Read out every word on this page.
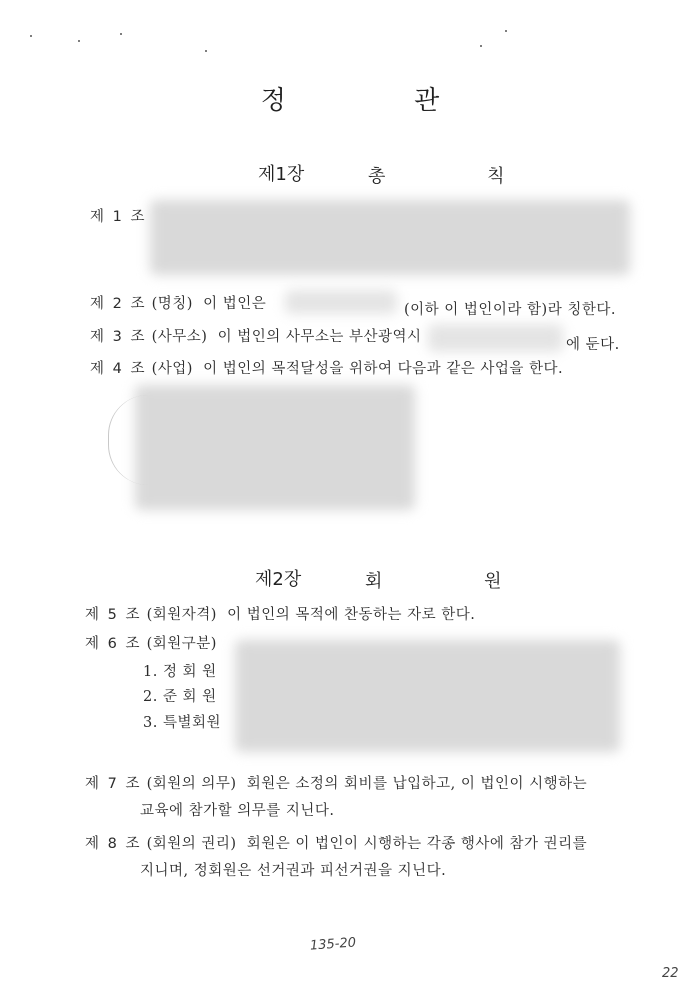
정 관
제1장	총 칙
제 1 조
제 2 조 (명칭) 이 법인은	(이하 이 법인이라 함)라 칭한다.
제 3 조 (사무소) 이 법인의 사무소는 부산광역시	에 둔다.
제 4 조 (사업) 이 법인의 목적달성을 위하여 다음과 같은 사업을 한다.
제2장	회 원
제 5 조 (회원자격) 이 법인의 목적에 찬동하는 자로 한다.
제 6 조 (회원구분)
1. 정 회 원
2. 준 회 원
3. 특별회원
제 7 조 (회원의 의무) 회원은 소정의 회비를 납입하고, 이 법인이 시행하는
교육에 참가할 의무를 지닌다.
제 8 조 (회원의 권리) 회원은 이 법인이 시행하는 각종 행사에 참가 권리를
지니며, 정회원은 선거권과 피선거권을 지닌다.
135-20
22
